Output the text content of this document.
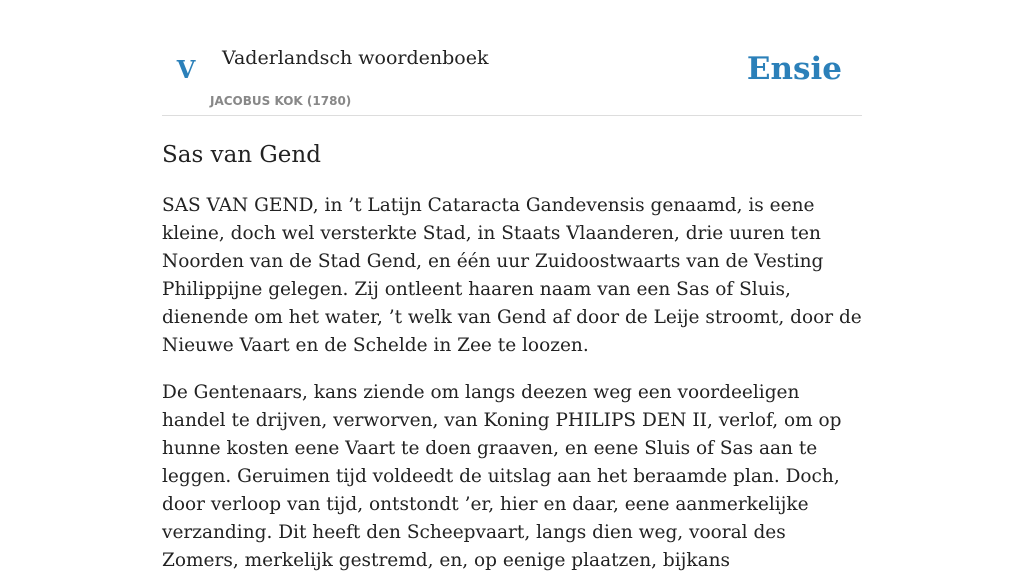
V Vaderlandsch woordenboek
JACOBUS KOK (1780)
Ensie
Sas van Gend

SAS VAN GEND, in ’t Latijn Cataracta Gandevensis genaamd, is eene kleine, doch wel versterkte Stad, in Staats Vlaanderen, drie uuren ten Noorden van de Stad Gend, en één uur Zuidoostwaarts van de Vesting Philippijne gelegen. Zij ontleent haaren naam van een Sas of Sluis, dienende om het water, ’t welk van Gend af door de Leije stroomt, door de Nieuwe Vaart en de Schelde in Zee te loozen.

De Gentenaars, kans ziende om langs deezen weg een voordeeligen handel te drijven, verworven, van Koning PHILIPS DEN II, verlof, om op hunne kosten eene Vaart te doen graaven, en eene Sluis of Sas aan te leggen. Geruimen tijd voldeedt de uitslag aan het beraamde plan. Doch, door verloop van tijd, ontstondt ’er, hier en daar, eene aanmerkelijke verzanding. Dit heeft den Scheepvaart, langs dien weg, vooral des Zomers, merkelijk gestremd, en, op eenige plaatzen, bijkans
